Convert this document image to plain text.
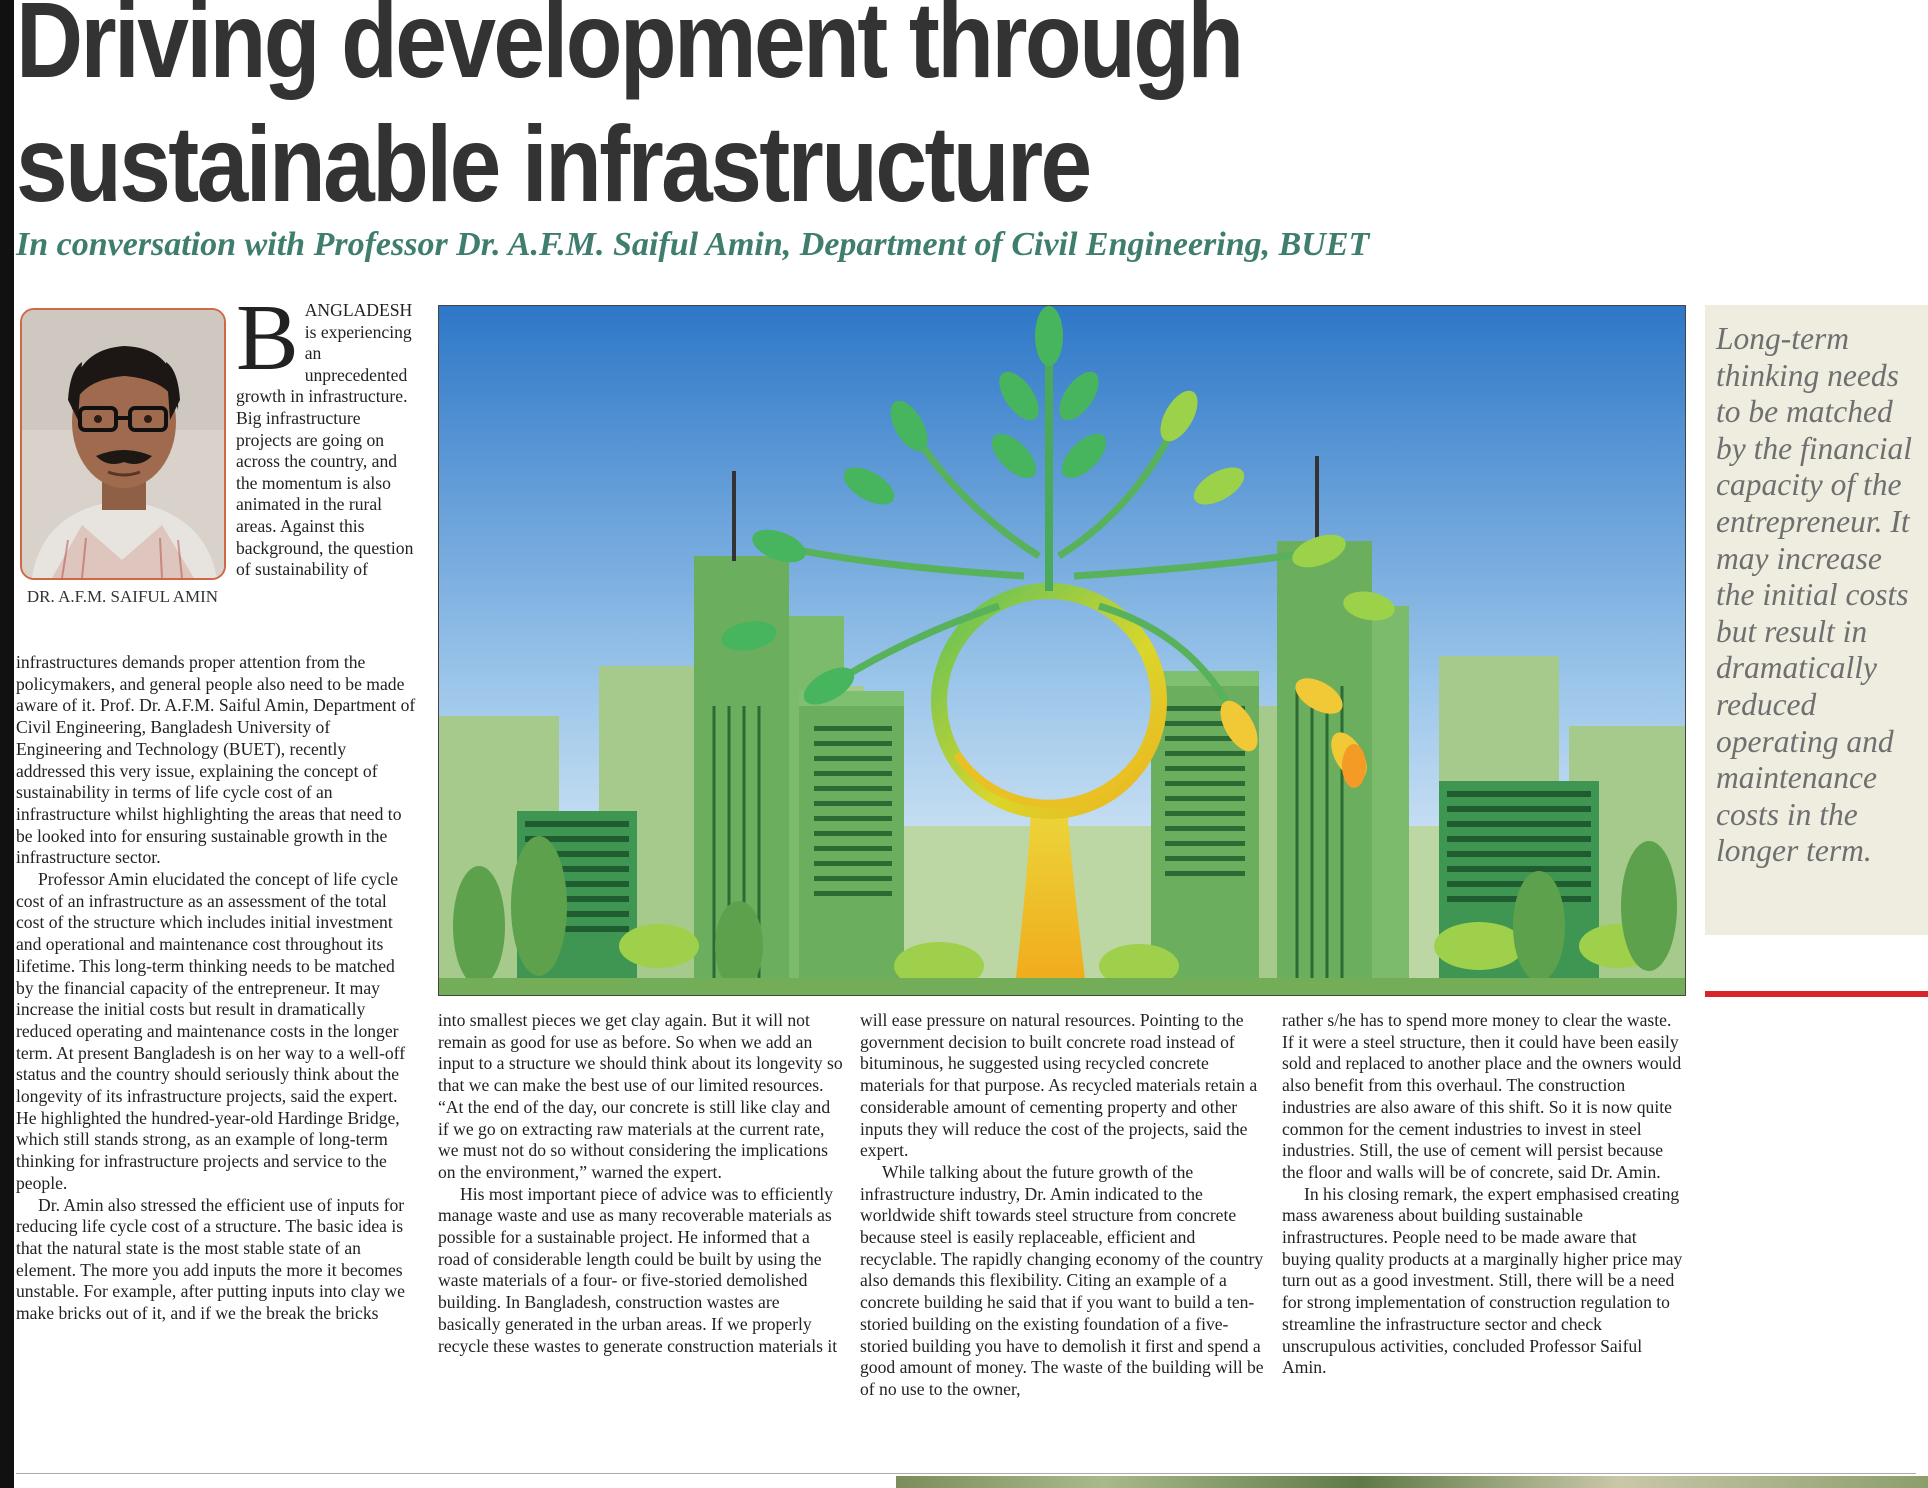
Driving development through sustainable infrastructure
In conversation with Professor Dr. A.F.M. Saiful Amin, Department of Civil Engineering, BUET
DR. A.F.M. SAIFUL AMIN
BANGLADESH is experiencing an unprecedented growth in infrastructure. Big infrastructure projects are going on across the country, and the momentum is also animated in the rural areas. Against this background, the question of sustainability of

infrastructures demands proper attention from the policymakers, and general people also need to be made aware of it. Prof. Dr. A.F.M. Saiful Amin, Department of Civil Engineering, Bangladesh University of Engineering and Technology (BUET), recently addressed this very issue, explaining the concept of sustainability in terms of life cycle cost of an infrastructure whilst highlighting the areas that need to be looked into for ensuring sustainable growth in the infrastructure sector.

Professor Amin elucidated the concept of life cycle cost of an infrastructure as an assessment of the total cost of the structure which includes initial investment and operational and maintenance cost throughout its lifetime. This long-term thinking needs to be matched by the financial capacity of the entrepreneur. It may increase the initial costs but result in dramatically reduced operating and maintenance costs in the longer term. At present Bangladesh is on her way to a well-off status and the country should seriously think about the longevity of its infrastructure projects, said the expert. He highlighted the hundred-year-old Hardinge Bridge, which still stands strong, as an example of long-term thinking for infrastructure projects and service to the people.

Dr. Amin also stressed the efficient use of inputs for reducing life cycle cost of a structure. The basic idea is that the natural state is the most stable state of an element. The more you add inputs the more it becomes unstable. For example, after putting inputs into clay we make bricks out of it, and if we the break the bricks

Long-term thinking needs to be matched by the financial capacity of the entrepreneur. It may increase the initial costs but result in dramatically reduced operating and maintenance costs in the longer term.

into smallest pieces we get clay again. But it will not remain as good for use as before. So when we add an input to a structure we should think about its longevity so that we can make the best use of our limited resources. “At the end of the day, our concrete is still like clay and if we go on extracting raw materials at the current rate, we must not do so without considering the implications on the environment,” warned the expert.

His most important piece of advice was to efficiently manage waste and use as many recoverable materials as possible for a sustainable project. He informed that a road of considerable length could be built by using the waste materials of a four- or five-storied demolished building. In Bangladesh, construction wastes are basically generated in the urban areas. If we properly recycle these wastes to generate construction materials it

will ease pressure on natural resources. Pointing to the government decision to built concrete road instead of bituminous, he suggested using recycled concrete materials for that purpose. As recycled materials retain a considerable amount of cementing property and other inputs they will reduce the cost of the projects, said the expert.

While talking about the future growth of the infrastructure industry, Dr. Amin indicated to the worldwide shift towards steel structure from concrete because steel is easily replaceable, efficient and recyclable. The rapidly changing economy of the country also demands this flexibility. Citing an example of a concrete building he said that if you want to build a ten-storied building on the existing foundation of a five-storied building you have to demolish it first and spend a good amount of money. The waste of the building will be of no use to the owner,

rather s/he has to spend more money to clear the waste. If it were a steel structure, then it could have been easily sold and replaced to another place and the owners would also benefit from this overhaul. The construction industries are also aware of this shift. So it is now quite common for the cement industries to invest in steel industries. Still, the use of cement will persist because the floor and walls will be of concrete, said Dr. Amin.

In his closing remark, the expert emphasised creating mass awareness about building sustainable infrastructures. People need to be made aware that buying quality products at a marginally higher price may turn out as a good investment. Still, there will be a need for strong implementation of construction regulation to streamline the infrastructure sector and check unscrupulous activities, concluded Professor Saiful Amin.
